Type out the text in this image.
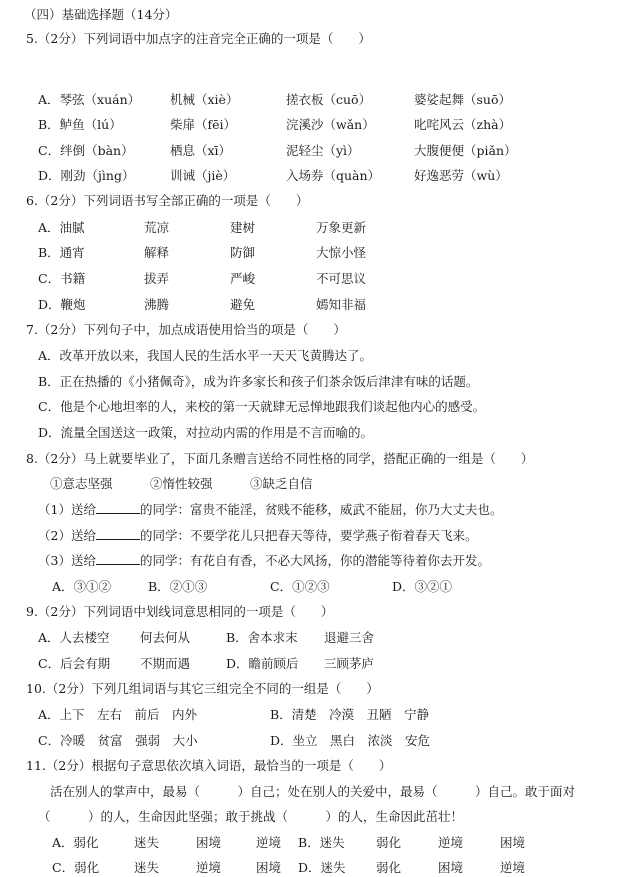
（四）基础选择题（14分）
5.（2分）下列词语中加点字的注音完全正确的一项是（　　）
A．琴弦（xuán） 机械（xiè）	搓衣板（cuō）	婆娑起舞（suō）
B．鲈鱼（lú）	柴扉（fēi）	浣溪沙（wǎn）	叱咤风云（zhà）
C．绊倒（bàn）	栖息（xī）	泥轻尘（yì）	大腹便便（piǎn）
D．刚劲（jìng）	训诫（jiè）	入场券（quàn）	好逸恶劳（wù）
6.（2分）下列词语书写全部正确的一项是（　　）
A．油腻	荒凉	建树	万象更新
B．通宵	解释	防御	大惊小怪
C．书籍	拔弄	严峻	不可思议
D．鞭炮	沸腾	避免	嫣知非福
7.（2分）下列句子中，加点成语使用恰当的项是（　　）
A．改革开放以来，我国人民的生活水平一天天飞黄腾达了。
B．正在热播的《小猪佩奇》，成为许多家长和孩子们茶余饭后津津有味的话题。
C．他是个心地坦率的人，来校的第一天就肆无忌惮地跟我们谈起他内心的感受。
D．流量全国送这一政策，对拉动内需的作用是不言而喻的。
8.（2分）马上就要毕业了，下面几条赠言送给不同性格的同学，搭配正确的一组是（　　）
①意志坚强　　　②惰性较强　　　③缺乏自信
（1）送给	的同学：富贵不能淫，贫贱不能移，威武不能屈，你乃大丈夫也。
（2）送给	的同学：不要学花儿只把春天等待，要学燕子衔着春天飞来。
（3）送给	的同学：有花自有香，不必大风扬，你的潜能等待着你去开发。
A．③①②	B．②①③	C．①②③	D．③②①
9.（2分）下列词语中划线词意思相同的一项是（　　）
A．人去楼空 何去何从	B．舍本求末 退避三舍
C．后会有期 不期而遇	D．瞻前顾后 三顾茅庐
10.（2分）下列几组词语与其它三组完全不同的一组是（　　）
A．上下　左右　前后　内外	B．清楚　冷漠　丑陋　宁静
C．冷暖　贫富　强弱　大小	D．坐立　黑白　浓淡　安危
11.（2分）根据句子意思依次填入词语，最恰当的一项是（　　）
活在别人的掌声中，最易（　　　）自己；处在别人的关爱中，最易（　　　）自己。敢于面对
（　　　）的人，生命因此坚强；敢于挑战（　　　）的人，生命因此茁壮！
A．弱化	迷失	困境	逆境 B．迷失	弱化	逆境	困境
C．弱化	迷失	逆境	困境 D．迷失 弱化	困境	逆境
